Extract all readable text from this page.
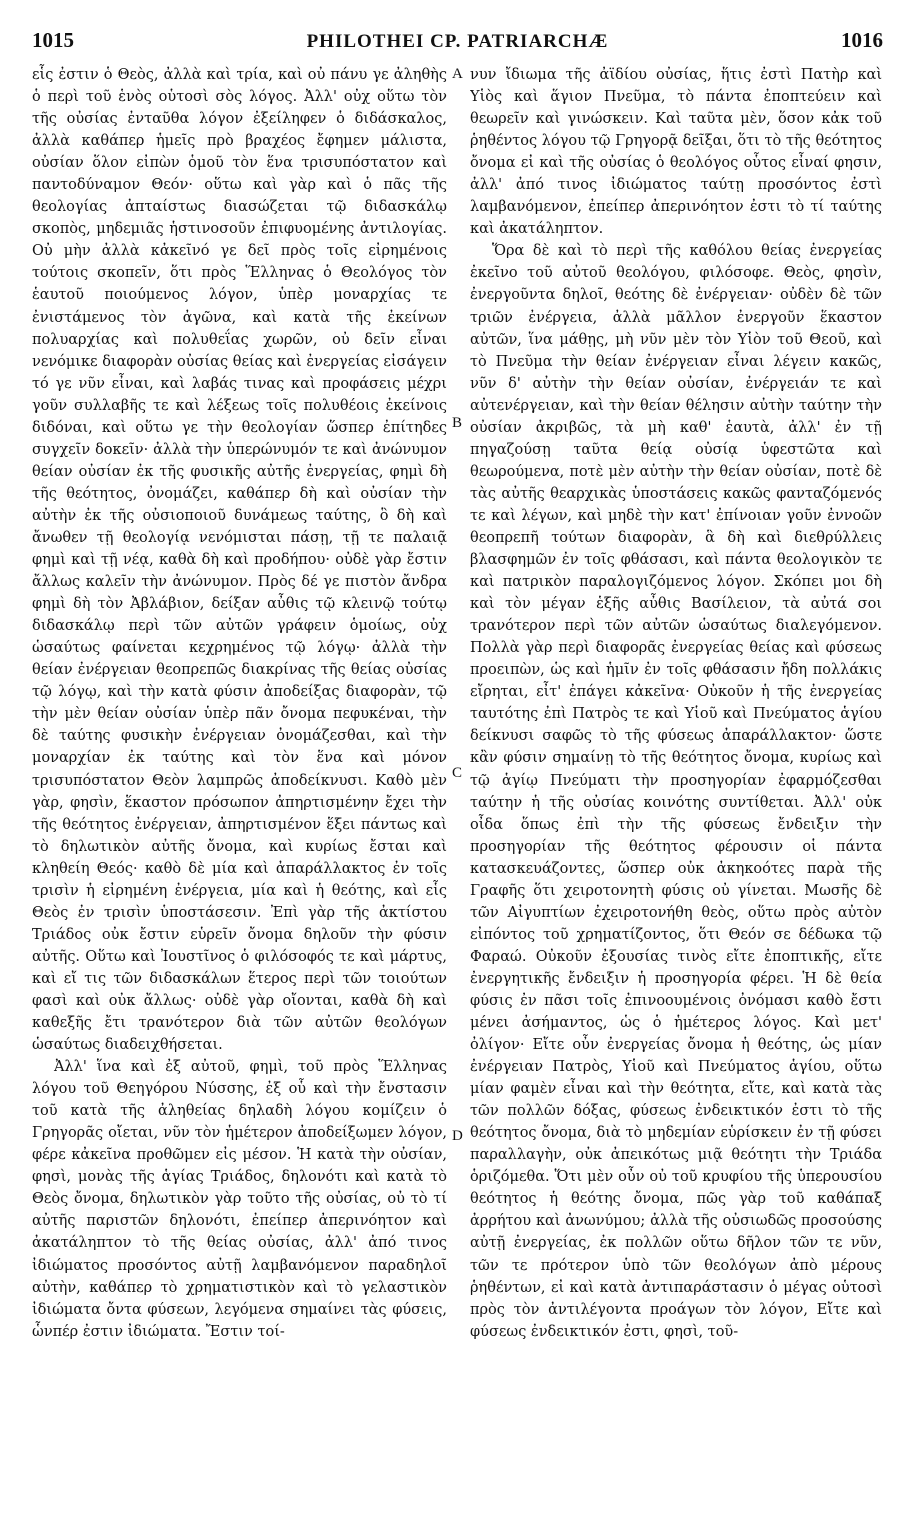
1015	PHILOTHEI CP. PATRIARCHÆ	1016

εἷς ἐστιν ὁ Θεὸς, ἀλλὰ καὶ τρία, καὶ οὐ πάνυ γε ἀληθὴς ὁ περὶ τοῦ ἑνὸς οὑτοσὶ σὸς λόγος. Ἀλλ' οὐχ οὕτω τὸν τῆς οὐσίας ἐνταῦθα λόγον ἐξείληφεν ὁ διδάσκαλος, ἀλλὰ καθάπερ ἡμεῖς πρὸ βραχέος ἔφημεν μάλιστα, οὐσίαν ὅλον εἰπὼν ὁμοῦ τὸν ἕνα τρισυπόστατον καὶ παντοδύναμον Θεόν· οὕτω καὶ γὰρ καὶ ὁ πᾶς τῆς θεολογίας ἀπταίστως διασώζεται τῷ διδασκάλῳ σκοπὸς, μηδεμιᾶς ἡστινοσοῦν ἐπιφυομένης ἀντιλογίας. Οὐ μὴν ἀλλὰ κἀκεῖνό γε δεῖ πρὸς τοῖς εἰρημένοις τούτοις σκοπεῖν, ὅτι πρὸς Ἕλληνας ὁ Θεολόγος τὸν ἑαυτοῦ ποιούμενος λόγον, ὑπὲρ μοναρχίας τε ἐνιστάμενος τὸν ἀγῶνα, καὶ κατὰ τῆς ἐκείνων πολυαρχίας καὶ πολυθεΐας χωρῶν, οὐ δεῖν εἶναι νενόμικε διαφορὰν οὐσίας θείας καὶ ἐνεργείας εἰσάγειν τό γε νῦν εἶναι, καὶ λαβάς τινας καὶ προφάσεις μέχρι γοῦν συλλαβῆς τε καὶ λέξεως τοῖς πολυθέοις ἐκείνοις διδόναι, καὶ οὕτω γε τὴν θεολογίαν ὥσπερ ἐπίτηδες συγχεῖν δοκεῖν· ἀλλὰ τὴν ὑπερώνυμόν τε καὶ ἀνώνυμον θείαν οὐσίαν ἐκ τῆς φυσικῆς αὐτῆς ἐνεργείας, φημὶ δὴ τῆς θεότητος, ὀνομάζει, καθάπερ δὴ καὶ οὐσίαν τὴν αὐτὴν ἐκ τῆς οὐσιοποιοῦ δυνάμεως ταύτης, ὃ δὴ καὶ ἄνωθεν τῇ θεολογίᾳ νενόμισται πάσῃ, τῇ τε παλαιᾷ φημὶ καὶ τῇ νέᾳ, καθὰ δὴ καὶ προδήπου· οὐδὲ γὰρ ἔστιν ἄλλως καλεῖν τὴν ἀνώνυμον. Πρὸς δέ γε πιστὸν ἄνδρα φημὶ δὴ τὸν Ἀβλάβιον, δείξαν αὖθις τῷ κλεινῷ τούτῳ διδασκάλῳ περὶ τῶν αὐτῶν γράφειν ὁμοίως, οὐχ ὡσαύτως φαίνεται κεχρημένος τῷ λόγῳ· ἀλλὰ τὴν θείαν ἐνέργειαν θεοπρεπῶς διακρίνας τῆς θείας οὐσίας τῷ λόγῳ, καὶ τὴν κατὰ φύσιν ἀποδείξας διαφορὰν, τῷ τὴν μὲν θείαν οὐσίαν ὑπὲρ πᾶν ὄνομα πεφυκέναι, τὴν δὲ ταύτης φυσικὴν ἐνέργειαν ὀνομάζεσθαι, καὶ τὴν μοναρχίαν ἐκ ταύτης καὶ τὸν ἕνα καὶ μόνον τρισυπόστατον Θεὸν λαμπρῶς ἀποδείκνυσι. Καθὸ μὲν γὰρ, φησὶν, ἕκαστον πρόσωπον ἀπηρτισμένην ἔχει τὴν τῆς θεότητος ἐνέργειαν, ἀπηρτισμένον ἕξει πάντως καὶ τὸ δηλωτικὸν αὐτῆς ὄνομα, καὶ κυρίως ἔσται καὶ κληθείη Θεός· καθὸ δὲ μία καὶ ἀπαράλλακτος ἐν τοῖς τρισὶν ἡ εἰρημένη ἐνέργεια, μία καὶ ἡ θεότης, καὶ εἷς Θεὸς ἐν τρισὶν ὑποστάσεσιν. Ἐπὶ γὰρ τῆς ἀκτίστου Τριάδος οὐκ ἔστιν εὑρεῖν ὄνομα δηλοῦν τὴν φύσιν αὐτῆς. Οὕτω καὶ Ἰουστῖνος ὁ φιλόσοφός τε καὶ μάρτυς, καὶ εἴ τις τῶν διδασκάλων ἕτερος περὶ τῶν τοιούτων φασὶ καὶ οὐκ ἄλλως· οὐδὲ γὰρ οἴονται, καθὰ δὴ καὶ καθεξῆς ἔτι τρανότερον διὰ τῶν αὐτῶν θεολόγων ὡσαύτως διαδειχθήσεται.

Ἀλλ' ἵνα καὶ ἐξ αὐτοῦ, φημὶ, τοῦ πρὸς Ἕλληνας λόγου τοῦ Θεηγόρου Νύσσης, ἐξ οὗ καὶ τὴν ἔνστασιν τοῦ κατὰ τῆς ἀληθείας δηλαδὴ λόγου κομίζειν ὁ Γρηγορᾶς οἴεται, νῦν τὸν ἡμέτερον ἀποδείξωμεν λόγον, φέρε κἀκεῖνα προθῶμεν εἰς μέσον. Ἡ κατὰ τὴν οὐσίαν, φησὶ, μονὰς τῆς ἁγίας Τριάδος, δηλονότι καὶ κατὰ τὸ Θεὸς ὄνομα, δηλωτικὸν γὰρ τοῦτο τῆς οὐσίας, οὐ τὸ τί αὐτῆς παριστῶν δηλονότι, ἐπείπερ ἀπερινόητον καὶ ἀκατάληπτον τὸ τῆς θείας οὐσίας, ἀλλ' ἀπό τινος ἰδιώματος προσόντος αὐτῇ λαμβανόμενον παραδηλοῖ αὐτὴν, καθάπερ τὸ χρηματιστικὸν καὶ τὸ γελαστικὸν ἰδιώματα ὄντα φύσεων, λεγόμενα σημαίνει τὰς φύσεις, ὧνπέρ ἐστιν ἰδιώματα. Ἔστιν τοί-

A
B
C
D

νυν ἴδιωμα τῆς ἀϊδίου οὐσίας, ἥτις ἐστὶ Πατὴρ καὶ Υἱὸς καὶ ἅγιον Πνεῦμα, τὸ πάντα ἐποπτεύειν καὶ θεωρεῖν καὶ γινώσκειν. Καὶ ταῦτα μὲν, ὅσον κἀκ τοῦ ῥηθέντος λόγου τῷ Γρηγορᾷ δεῖξαι, ὅτι τὸ τῆς θεότητος ὄνομα εἰ καὶ τῆς οὐσίας ὁ θεολόγος οὗτος εἶναί φησιν, ἀλλ' ἀπό τινος ἰδιώματος ταύτῃ προσόντος ἐστὶ λαμβανόμενον, ἐπείπερ ἀπερινόητον ἐστι τὸ τί ταύτης καὶ ἀκατάληπτον.

Ὅρα δὲ καὶ τὸ περὶ τῆς καθόλου θείας ἐνεργείας ἐκεῖνο τοῦ αὐτοῦ θεολόγου, φιλόσοφε. Θεὸς, φησὶν, ἐνεργοῦντα δηλοῖ, θεότης δὲ ἐνέργειαν· οὐδὲν δὲ τῶν τριῶν ἐνέργεια, ἀλλὰ μᾶλλον ἐνεργοῦν ἕκαστον αὐτῶν, ἵνα μάθῃς, μὴ νῦν μὲν τὸν Υἱὸν τοῦ Θεοῦ, καὶ τὸ Πνεῦμα τὴν θείαν ἐνέργειαν εἶναι λέγειν κακῶς, νῦν δ' αὐτὴν τὴν θείαν οὐσίαν, ἐνέργειάν τε καὶ αὐτενέργειαν, καὶ τὴν θείαν θέλησιν αὐτὴν ταύτην τὴν οὐσίαν ἀκριβῶς, τὰ μὴ καθ' ἑαυτὰ, ἀλλ' ἐν τῇ πηγαζούσῃ ταῦτα θείᾳ οὐσίᾳ ὑφεστῶτα καὶ θεωρούμενα, ποτὲ μὲν αὐτὴν τὴν θείαν οὐσίαν, ποτὲ δὲ τὰς αὐτῆς θεαρχικὰς ὑποστάσεις κακῶς φανταζόμενός τε καὶ λέγων, καὶ μηδὲ τὴν κατ' ἐπίνοιαν γοῦν ἐννοῶν θεοπρεπῆ τούτων διαφορὰν, ἃ δὴ καὶ διεθρύλλεις βλασφημῶν ἐν τοῖς φθάσασι, καὶ πάντα θεολογικὸν τε καὶ πατρικὸν παραλογιζόμενος λόγον. Σκόπει μοι δὴ καὶ τὸν μέγαν ἑξῆς αὖθις Βασίλειον, τὰ αὐτά σοι τρανότερον περὶ τῶν αὐτῶν ὡσαύτως διαλεγόμενον. Πολλὰ γὰρ περὶ διαφορᾶς ἐνεργείας θείας καὶ φύσεως προειπὼν, ὡς καὶ ἡμῖν ἐν τοῖς φθάσασιν ἤδη πολλάκις εἴρηται, εἶτ' ἐπάγει κἀκεῖνα· Οὐκοῦν ἡ τῆς ἐνεργείας ταυτότης ἐπὶ Πατρὸς τε καὶ Υἱοῦ καὶ Πνεύματος ἁγίου δείκνυσι σαφῶς τὸ τῆς φύσεως ἀπαράλλακτον· ὥστε κἂν φύσιν σημαίνῃ τὸ τῆς θεότητος ὄνομα, κυρίως καὶ τῷ ἁγίῳ Πνεύματι τὴν προσηγορίαν ἐφαρμόζεσθαι ταύτην ἡ τῆς οὐσίας κοινότης συντίθεται. Ἀλλ' οὐκ οἶδα ὅπως ἐπὶ τὴν τῆς φύσεως ἔνδειξιν τὴν προσηγορίαν τῆς θεότητος φέρουσιν οἱ πάντα κατασκευάζοντες, ὥσπερ οὐκ ἀκηκοότες παρὰ τῆς Γραφῆς ὅτι χειροτονητὴ φύσις οὐ γίνεται. Μωσῆς δὲ τῶν Αἰγυπτίων ἐχειροτονήθη θεὸς, οὕτω πρὸς αὐτὸν εἰπόντος τοῦ χρηματίζοντος, ὅτι Θεόν σε δέδωκα τῷ Φαραώ. Οὐκοῦν ἐξουσίας τινὸς εἴτε ἐποπτικῆς, εἴτε ἐνεργητικῆς ἔνδειξιν ἡ προσηγορία φέρει. Ἡ δὲ θεία φύσις ἐν πᾶσι τοῖς ἐπινοουμένοις ὀνόμασι καθὸ ἔστι μένει ἀσήμαντος, ὡς ὁ ἡμέτερος λόγος. Καὶ μετ' ὀλίγον· Εἴτε οὖν ἐνεργείας ὄνομα ἡ θεότης, ὡς μίαν ἐνέργειαν Πατρὸς, Υἱοῦ καὶ Πνεύματος ἁγίου, οὕτω μίαν φαμὲν εἶναι καὶ τὴν θεότητα, εἴτε, καὶ κατὰ τὰς τῶν πολλῶν δόξας, φύσεως ἐνδεικτικόν ἐστι τὸ τῆς θεότητος ὄνομα, διὰ τὸ μηδεμίαν εὑρίσκειν ἐν τῇ φύσει παραλλαγὴν, οὐκ ἀπεικότως μιᾷ θεότητι τὴν Τριάδα ὁριζόμεθα. Ὅτι μὲν οὖν οὐ τοῦ κρυφίου τῆς ὑπερουσίου θεότητος ἡ θεότης ὄνομα, πῶς γὰρ τοῦ καθάπαξ ἀρρήτου καὶ ἀνωνύμου; ἀλλὰ τῆς οὐσιωδῶς προσούσης αὐτῇ ἐνεργείας, ἐκ πολλῶν οὕτω δῆλον τῶν τε νῦν, τῶν τε πρότερον ὑπὸ τῶν θεολόγων ἀπὸ μέρους ῥηθέντων, εἰ καὶ κατὰ ἀντιπαράστασιν ὁ μέγας οὑτοσὶ πρὸς τὸν ἀντιλέγοντα προάγων τὸν λόγον, Εἴτε καὶ φύσεως ἐνδεικτικόν ἐστι, φησὶ, τοῦ-
